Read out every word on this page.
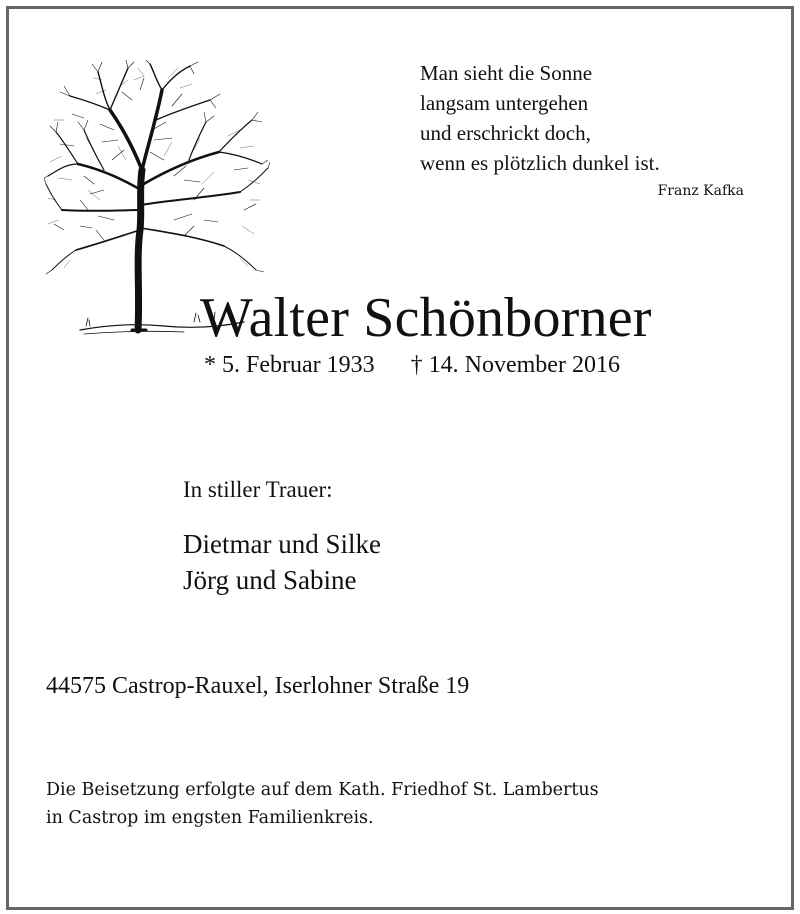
Man sieht die Sonne
langsam untergehen
und erschrickt doch,
wenn es plötzlich dunkel ist.
Franz Kafka
Walter Schönborner
* 5. Februar 1933 † 14. November 2016
In stiller Trauer:
Dietmar und Silke
Jörg und Sabine
44575 Castrop-Rauxel, Iserlohner Straße 19
Die Beisetzung erfolgte auf dem Kath. Friedhof St. Lambertus
in Castrop im engsten Familienkreis.
